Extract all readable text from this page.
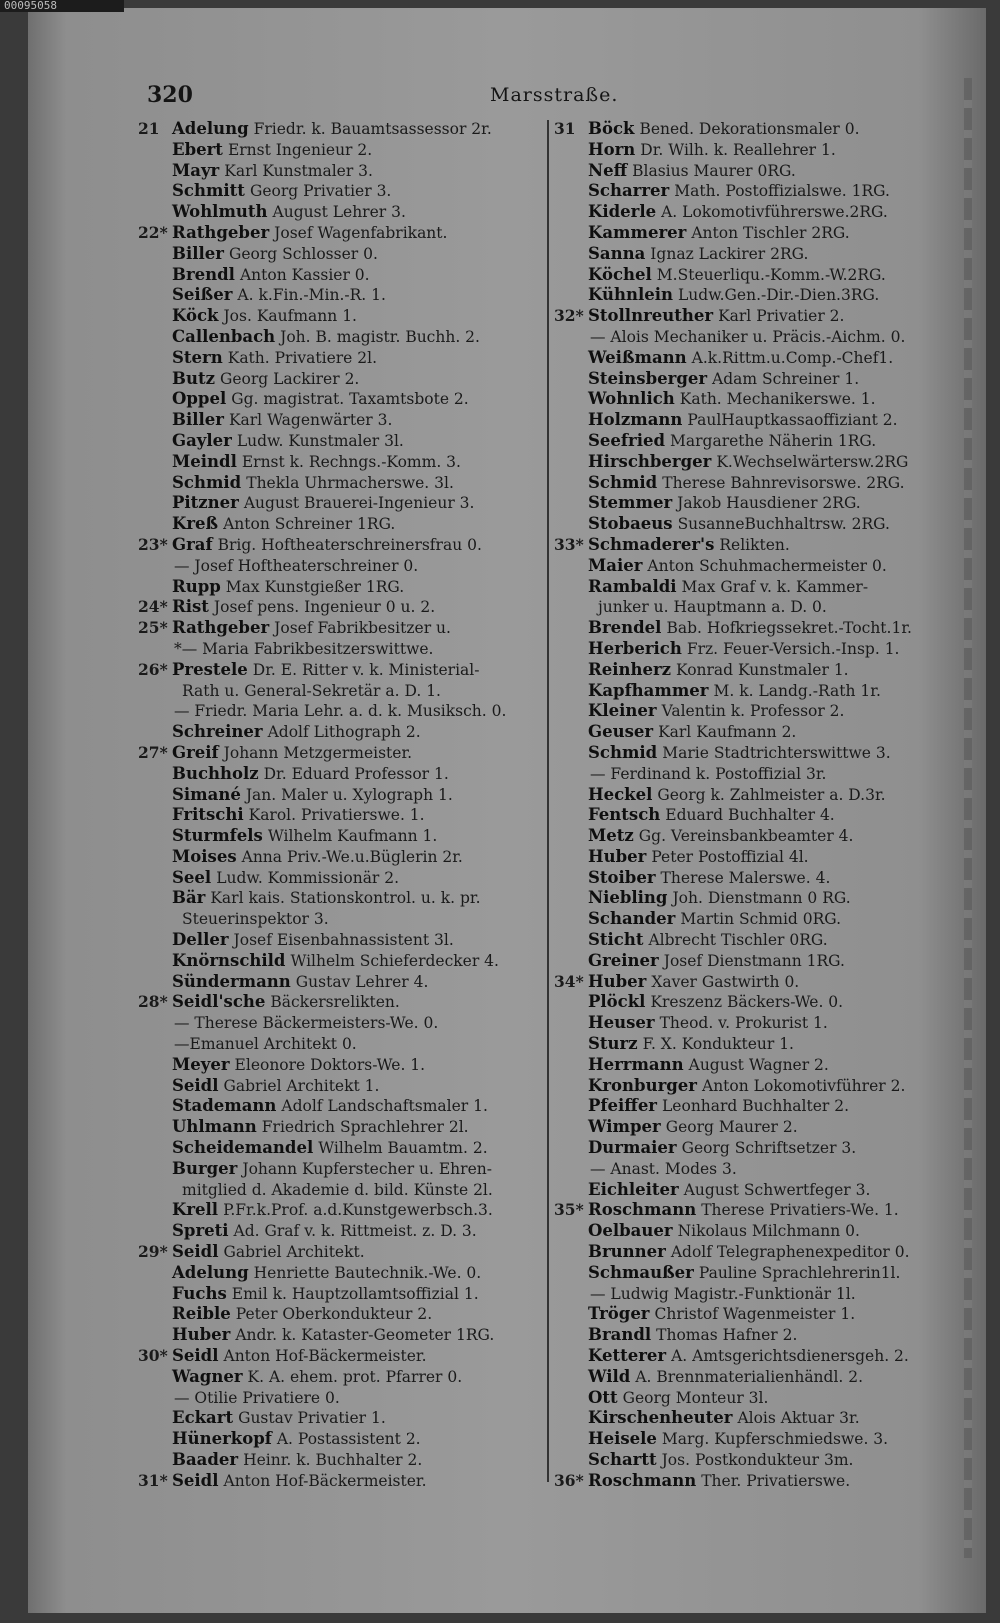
00095058
320	Marsstraße.
21 Adelung Friedr. k. Bauamtsassessor 2r.
Ebert Ernst Ingenieur 2.
Mayr Karl Kunstmaler 3.
Schmitt Georg Privatier 3.
Wohlmuth August Lehrer 3.
22* Rathgeber Josef Wagenfabrikant.
Biller Georg Schlosser 0.
Brendl Anton Kassier 0.
Seißer A. k.Fin.-Min.-R. 1.
Köck Jos. Kaufmann 1.
Callenbach Joh. B. magistr. Buchh. 2.
Stern Kath. Privatiere 2l.
Butz Georg Lackirer 2.
Oppel Gg. magistrat. Taxamtsbote 2.
Biller Karl Wagenwärter 3.
Gayler Ludw. Kunstmaler 3l.
Meindl Ernst k. Rechngs.-Komm. 3.
Schmid Thekla Uhrmacherswe. 3l.
Pitzner August Brauerei-Ingenieur 3.
Kreß Anton Schreiner 1RG.
23* Graf Brig. Hoftheaterschreinersfrau 0.
— Josef Hoftheaterschreiner 0.
Rupp Max Kunstgießer 1RG.
24* Rist Josef pens. Ingenieur 0 u. 2.
25* Rathgeber Josef Fabrikbesitzer u.
*— Maria Fabrikbesitzerswittwe.
26* Prestele Dr. E. Ritter v. k. Ministerial-
Rath u. General-Sekretär a. D. 1.
— Friedr. Maria Lehr. a. d. k. Musiksch. 0.
Schreiner Adolf Lithograph 2.
27* Greif Johann Metzgermeister.
Buchholz Dr. Eduard Professor 1.
Simané Jan. Maler u. Xylograph 1.
Fritschi Karol. Privatierswe. 1.
Sturmfels Wilhelm Kaufmann 1.
Moises Anna Priv.-We.u.Büglerin 2r.
Seel Ludw. Kommissionär 2.
Bär Karl kais. Stationskontrol. u. k. pr.
Steuerinspektor 3.
Deller Josef Eisenbahnassistent 3l.
Knörnschild Wilhelm Schieferdecker 4.
Sündermann Gustav Lehrer 4.
28* Seidl'sche Bäckersrelikten.
— Therese Bäckermeisters-We. 0.
—Emanuel Architekt 0.
Meyer Eleonore Doktors-We. 1.
Seidl Gabriel Architekt 1.
Stademann Adolf Landschaftsmaler 1.
Uhlmann Friedrich Sprachlehrer 2l.
Scheidemandel Wilhelm Bauamtm. 2.
Burger Johann Kupferstecher u. Ehren-
mitglied d. Akademie d. bild. Künste 2l.
Krell P.Fr.k.Prof. a.d.Kunstgewerbsch.3.
Spreti Ad. Graf v. k. Rittmeist. z. D. 3.
29* Seidl Gabriel Architekt.
Adelung Henriette Bautechnik.-We. 0.
Fuchs Emil k. Hauptzollamtsoffizial 1.
Reible Peter Oberkondukteur 2.
Huber Andr. k. Kataster-Geometer 1RG.
30* Seidl Anton Hof-Bäckermeister.
Wagner K. A. ehem. prot. Pfarrer 0.
— Otilie Privatiere 0.
Eckart Gustav Privatier 1.
Hünerkopf A. Postassistent 2.
Baader Heinr. k. Buchhalter 2.
31* Seidl Anton Hof-Bäckermeister.
31 Böck Bened. Dekorationsmaler 0.
Horn Dr. Wilh. k. Reallehrer 1.
Neff Blasius Maurer 0RG.
Scharrer Math. Postoffizialswe. 1RG.
Kiderle A. Lokomotivführerswe.2RG.
Kammerer Anton Tischler 2RG.
Sanna Ignaz Lackirer 2RG.
Köchel M.Steuerliqu.-Komm.-W.2RG.
Kühnlein Ludw.Gen.-Dir.-Dien.3RG.
32* Stollnreuther Karl Privatier 2.
— Alois Mechaniker u. Präcis.-Aichm. 0.
Weißmann A.k.Rittm.u.Comp.-Chef1.
Steinsberger Adam Schreiner 1.
Wohnlich Kath. Mechanikerswe. 1.
Holzmann PaulHauptkassaoffiziant 2.
Seefried Margarethe Näherin 1RG.
Hirschberger K.Wechselwärtersw.2RG
Schmid Therese Bahnrevisorswe. 2RG.
Stemmer Jakob Hausdiener 2RG.
Stobaeus SusanneBuchhaltrsw. 2RG.
33* Schmaderer's Relikten.
Maier Anton Schuhmachermeister 0.
Rambaldi Max Graf v. k. Kammer-
junker u. Hauptmann a. D. 0.
Brendel Bab. Hofkriegssekret.-Tocht.1r.
Herberich Frz. Feuer-Versich.-Insp. 1.
Reinherz Konrad Kunstmaler 1.
Kapfhammer M. k. Landg.-Rath 1r.
Kleiner Valentin k. Professor 2.
Geuser Karl Kaufmann 2.
Schmid Marie Stadtrichterswittwe 3.
— Ferdinand k. Postoffizial 3r.
Heckel Georg k. Zahlmeister a. D.3r.
Fentsch Eduard Buchhalter 4.
Metz Gg. Vereinsbankbeamter 4.
Huber Peter Postoffizial 4l.
Stoiber Therese Malerswe. 4.
Niebling Joh. Dienstmann 0 RG.
Schander Martin Schmid 0RG.
Sticht Albrecht Tischler 0RG.
Greiner Josef Dienstmann 1RG.
34* Huber Xaver Gastwirth 0.
Plöckl Kreszenz Bäckers-We. 0.
Heuser Theod. v. Prokurist 1.
Sturz F. X. Kondukteur 1.
Herrmann August Wagner 2.
Kronburger Anton Lokomotivführer 2.
Pfeiffer Leonhard Buchhalter 2.
Wimper Georg Maurer 2.
Durmaier Georg Schriftsetzer 3.
— Anast. Modes 3.
Eichleiter August Schwertfeger 3.
35* Roschmann Therese Privatiers-We. 1.
Oelbauer Nikolaus Milchmann 0.
Brunner Adolf Telegraphenexpeditor 0.
Schmaußer Pauline Sprachlehrerin1l.
— Ludwig Magistr.-Funktionär 1l.
Tröger Christof Wagenmeister 1.
Brandl Thomas Hafner 2.
Ketterer A. Amtsgerichtsdienersgeh. 2.
Wild A. Brennmaterialienhändl. 2.
Ott Georg Monteur 3l.
Kirschenheuter Alois Aktuar 3r.
Heisele Marg. Kupferschmiedswe. 3.
Schartt Jos. Postkondukteur 3m.
36* Roschmann Ther. Privatierswe.
